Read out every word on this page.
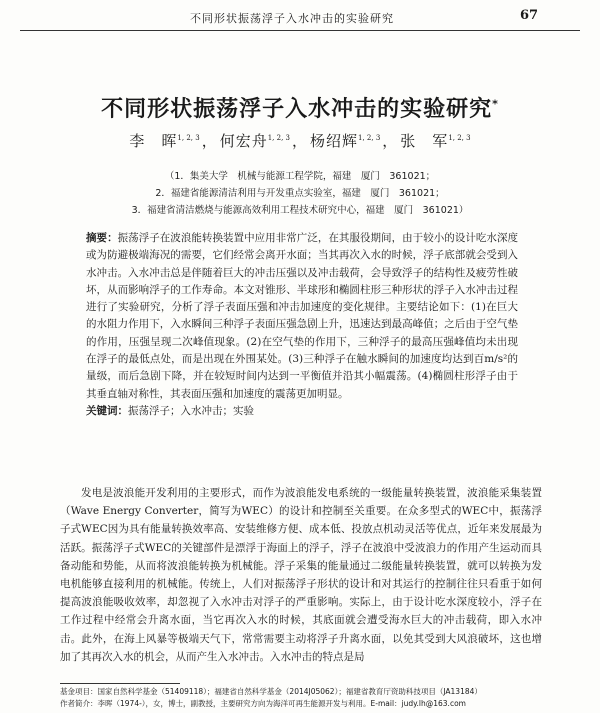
不同形状振荡浮子入水冲击的实验研究	67
不同形状振荡浮子入水冲击的实验研究*
李　晖$^{1, 2, 3}$ ， 何宏舟$^{1, 2, 3}$ ， 杨绍辉$^{1, 2, 3}$ ， 张　军$^{1, 2, 3}$
（1．集美大学　机械与能源工程学院，福建　厦门　361021；
2．福建省能源清洁利用与开发重点实验室，福建　厦门　361021；
3．福建省清洁燃烧与能源高效利用工程技术研究中心，福建　厦门　361021）
摘要：振荡浮子在波浪能转换装置中应用非常广泛，在其服役期间，由于较小的设计吃水深度或为防避极端海况的需要，它们经常会离开水面；当其再次入水的时候，浮子底部就会受到入水冲击。入水冲击总是伴随着巨大的冲击压强以及冲击载荷，会导致浮子的结构性及疲劳性破坏，从而影响浮子的工作寿命。本文对锥形、半球形和椭圆柱形三种形状的浮子入水冲击过程进行了实验研究，分析了浮子表面压强和冲击加速度的变化规律。主要结论如下：(1)在巨大的水阻力作用下，入水瞬间三种浮子表面压强急剧上升，迅速达到最高峰值；之后由于空气垫的作用，压强呈现二次峰值现象。(2)在空气垫的作用下，三种浮子的最高压强峰值均未出现在浮子的最低点处，而是出现在外围某处。(3)三种浮子在触水瞬间的加速度均达到百m/s²的量级，而后急剧下降，并在较短时间内达到一平衡值并沿其小幅震荡。(4)椭圆柱形浮子由于其垂直轴对称性，其表面压强和加速度的震荡更加明显。
关键词：振荡浮子；入水冲击；实验
发电是波浪能开发利用的主要形式，而作为波浪能发电系统的一级能量转换装置，波浪能采集装置（Wave Energy Converter，简写为WEC）的设计和控制至关重要。在众多型式的WEC中，振荡浮子式WEC因为具有能量转换效率高、安装维修方便、成本低、投放点机动灵活等优点，近年来发展最为活跃。振荡浮子式WEC的关键部件是漂浮于海面上的浮子，浮子在波浪中受波浪力的作用产生运动而具备动能和势能，从而将波浪能转换为机械能。浮子采集的能量通过二级能量转换装置，就可以转换为发电机能够直接利用的机械能。传统上，人们对振荡浮子形状的设计和对其运行的控制往往只看重于如何提高波浪能吸收效率，却忽视了入水冲击对浮子的严重影响。实际上，由于设计吃水深度较小，浮子在工作过程中经常会升离水面，当它再次入水的时候，其底面就会遭受海水巨大的冲击载荷，即入水冲击。此外，在海上风暴等极端天气下，常常需要主动将浮子升离水面，以免其受到大风浪破坏，这也增加了其再次入水的机会，从而产生入水冲击。入水冲击的特点是局
基金项目：国家自然科学基金（51409118）；福建省自然科学基金（2014J05062）；福建省教育厅资助科技项目（JA13184）
作者简介：李晖（1974-），女，博士，副教授，主要研究方向为海洋可再生能源开发与利用。E-mail：judy.lh@163.com
